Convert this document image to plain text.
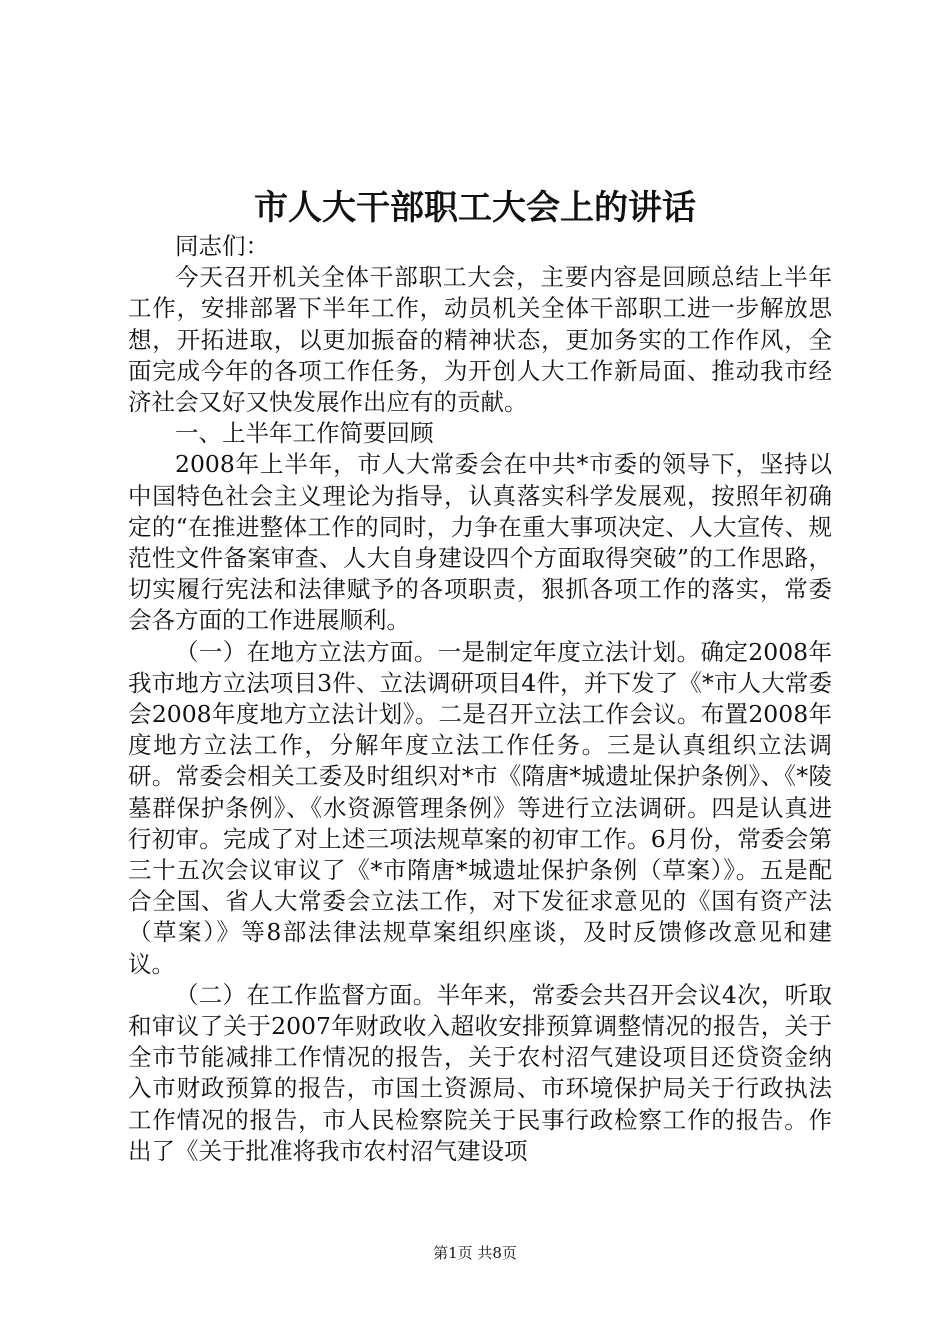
市人大干部职工大会上的讲话

同志们：

今天召开机关全体干部职工大会，主要内容是回顾总结上半年工作，安排部署下半年工作，动员机关全体干部职工进一步解放思想，开拓进取，以更加振奋的精神状态，更加务实的工作作风，全面完成今年的各项工作任务，为开创人大工作新局面、推动我市经济社会又好又快发展作出应有的贡献。

一、上半年工作简要回顾

2008年上半年，市人大常委会在中共*市委的领导下，坚持以中国特色社会主义理论为指导，认真落实科学发展观，按照年初确定的“在推进整体工作的同时，力争在重大事项决定、人大宣传、规范性文件备案审查、人大自身建设四个方面取得突破”的工作思路，切实履行宪法和法律赋予的各项职责，狠抓各项工作的落实，常委会各方面的工作进展顺利。

（一）在地方立法方面。一是制定年度立法计划。确定2008年我市地方立法项目3件、立法调研项目4件，并下发了《*市人大常委会2008年度地方立法计划》。二是召开立法工作会议。布置2008年度地方立法工作，分解年度立法工作任务。三是认真组织立法调研。常委会相关工委及时组织对*市《隋唐*城遗址保护条例》、《*陵墓群保护条例》、《水资源管理条例》等进行立法调研。四是认真进行初审。完成了对上述三项法规草案的初审工作。6月份，常委会第三十五次会议审议了《*市隋唐*城遗址保护条例（草案）》。五是配合全国、省人大常委会立法工作，对下发征求意见的《国有资产法（草案）》等8部法律法规草案组织座谈，及时反馈修改意见和建议。

（二）在工作监督方面。半年来，常委会共召开会议4次，听取和审议了关于2007年财政收入超收安排预算调整情况的报告，关于全市节能减排工作情况的报告，关于农村沼气建设项目还贷资金纳入市财政预算的报告，市国土资源局、市环境保护局关于行政执法工作情况的报告，市人民检察院关于民事行政检察工作的报告。作出了《关于批准将我市农村沼气建设项

第1页 共8页
